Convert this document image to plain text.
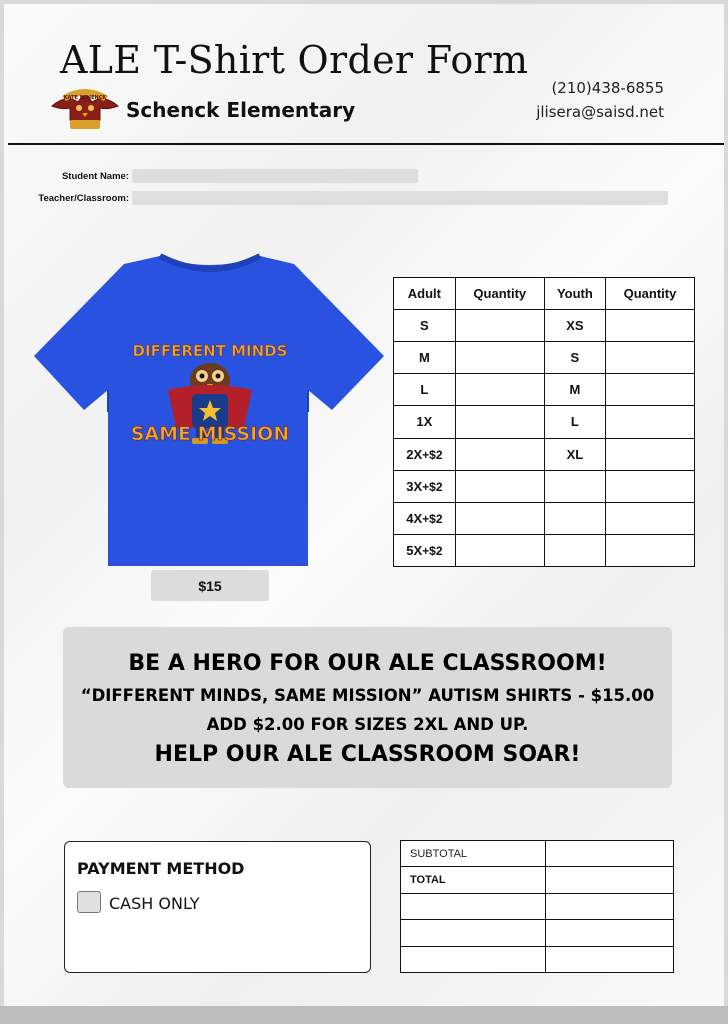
ALE T-Shirt Order Form
KATE SCHENCK Schenck Elementary
(210)438-6855
jlisera@saisd.net
Student Name:
Teacher/Classroom:
DIFFERENT MINDS
SAME MISSION
$15
Adult	Quantity	Youth	Quantity
S		XS	
M		S	
L		M	
1X		L	
2X+$2		XL	
3X+$2			
4X+$2			
5X+$2			
BE A HERO FOR OUR ALE CLASSROOM!
“DIFFERENT MINDS, SAME MISSION” AUTISM SHIRTS - $15.00
ADD $2.00 FOR SIZES 2XL AND UP.
HELP OUR ALE CLASSROOM SOAR!
PAYMENT METHOD
CASH ONLY
SUBTOTAL	
TOTAL	
